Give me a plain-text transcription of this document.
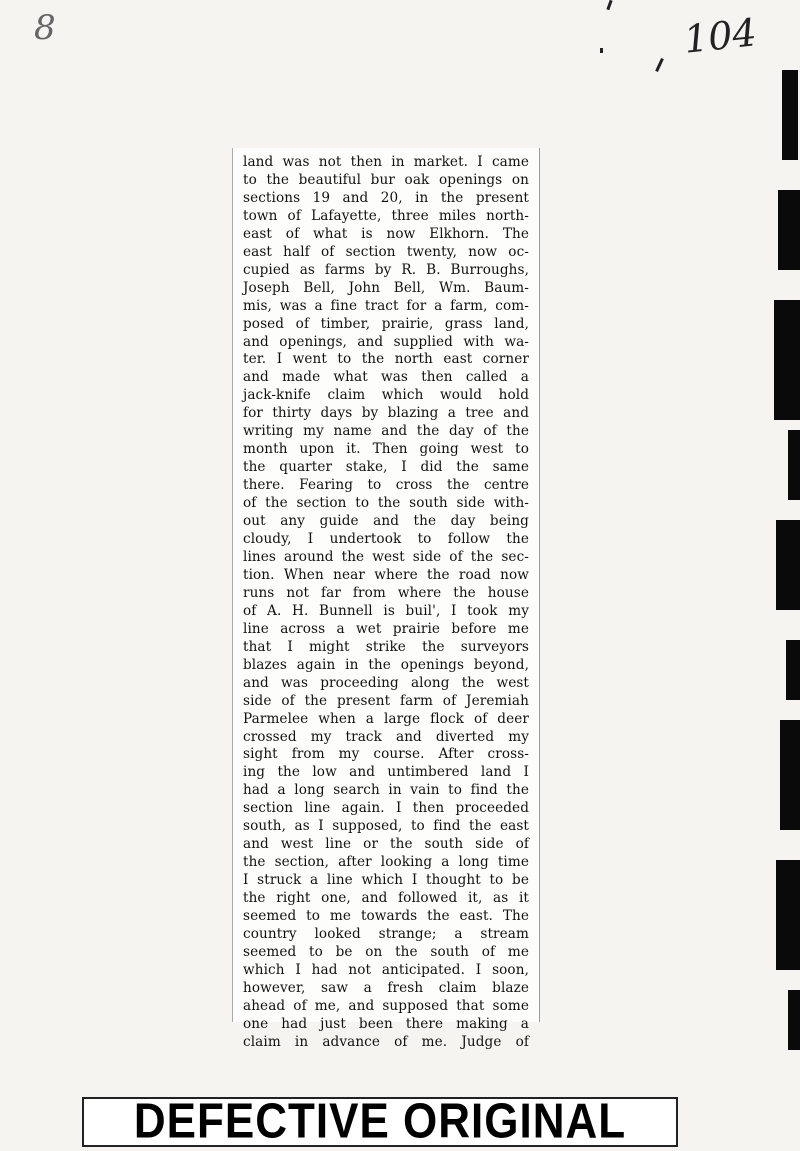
8	104
land was not then in market. I came
to the beautiful bur oak openings on
sections 19 and 20, in the present
town of Lafayette, three miles north-
east of what is now Elkhorn. The
east half of section twenty, now oc-
cupied as farms by R. B. Burroughs,
Joseph Bell, John Bell, Wm. Baum-
mis, was a fine tract for a farm, com-
posed of timber, prairie, grass land,
and openings, and supplied with wa-
ter. I went to the north east corner
and made what was then called a
jack-knife claim which would hold
for thirty days by blazing a tree and
writing my name and the day of the
month upon it. Then going west to
the quarter stake, I did the same
there. Fearing to cross the centre
of the section to the south side with-
out any guide and the day being
cloudy, I undertook to follow the
lines around the west side of the sec-
tion. When near where the road now
runs not far from where the house
of A. H. Bunnell is buil', I took my
line across a wet prairie before me
that I might strike the surveyors
blazes again in the openings beyond,
and was proceeding along the west
side of the present farm of Jeremiah
Parmelee when a large flock of deer
crossed my track and diverted my
sight from my course. After cross-
ing the low and untimbered land I
had a long search in vain to find the
section line again. I then proceeded
south, as I supposed, to find the east
and west line or the south side of
the section, after looking a long time
I struck a line which I thought to be
the right one, and followed it, as it
seemed to me towards the east. The
country looked strange; a stream
seemed to be on the south of me
which I had not anticipated. I soon,
however, saw a fresh claim blaze
ahead of me, and supposed that some
one had just been there making a
claim in advance of me. Judge of
DEFECTIVE ORIGINAL
